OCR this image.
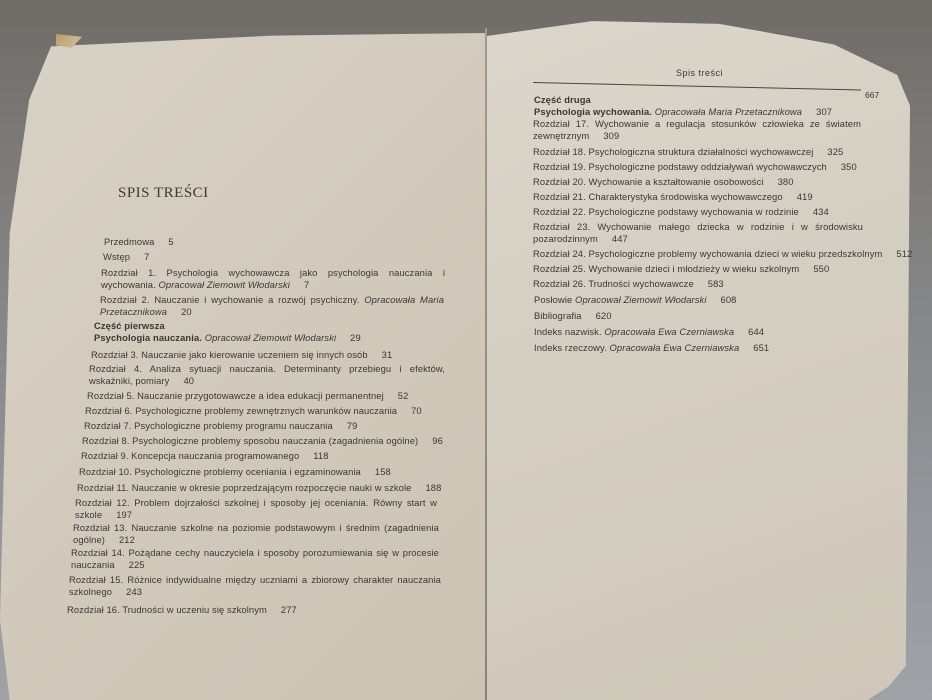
SPIS TREŚCI
Przedmowa 5
Wstęp 7
Rozdział 1. Psychologia wychowawcza jako psychologia nauczania i wychowania. Opracował Ziemowit Włodarski 7
Rozdział 2. Nauczanie i wychowanie a rozwój psychiczny. Opracowała Maria Przetacznikowa 20
Część pierwsza
Psychologia nauczania. Opracował Ziemowit Włodarski 29
Rozdział 3. Nauczanie jako kierowanie uczeniem się innych osób 31
Rozdział 4. Analiza sytuacji nauczania. Determinanty przebiegu i efektów, wskaźniki, pomiary 40
Rozdział 5. Nauczanie przygotowawcze a idea edukacji permanentnej 52
Rozdział 6. Psychologiczne problemy zewnętrznych warunków nauczania 70
Rozdział 7. Psychologiczne problemy programu nauczania 79
Rozdział 8. Psychologiczne problemy sposobu nauczania (zagadnienia ogólne) 96
Rozdział 9. Koncepcja nauczania programowanego 118
Rozdział 10. Psychologiczne problemy oceniania i egzaminowania 158
Rozdział 11. Nauczanie w okresie poprzedzającym rozpoczęcie nauki w szkole 188
Rozdział 12. Problem dojrzałości szkolnej i sposoby jej oceniania. Równy start w szkole 197
Rozdział 13. Nauczanie szkolne na poziomie podstawowym i średnim (zagadnienia ogólne) 212
Rozdział 14. Pożądane cechy nauczyciela i sposoby porozumiewania się w procesie nauczania 225
Rozdział 15. Różnice indywidualne między uczniami a zbiorowy charakter nauczania szkolnego 243
Rozdział 16. Trudności w uczeniu się szkolnym 277
Spis treści
667
Część druga
Psychologia wychowania. Opracowała Maria Przetacznikowa 307
Rozdział 17. Wychowanie a regulacja stosunków człowieka ze światem zewnętrznym 309
Rozdział 18. Psychologiczna struktura działalności wychowawczej 325
Rozdział 19. Psychologiczne podstawy oddziaływań wychowawczych 350
Rozdział 20. Wychowanie a kształtowanie osobowości 380
Rozdział 21. Charakterystyka środowiska wychowawczego 419
Rozdział 22. Psychologiczne podstawy wychowania w rodzinie 434
Rozdział 23. Wychowanie małego dziecka w rodzinie i w środowisku pozarodzinnym 447
Rozdział 24. Psychologiczne problemy wychowania dzieci w wieku przedszkolnym 512
Rozdział 25. Wychowanie dzieci i młodzieży w wieku szkolnym 550
Rozdział 26. Trudności wychowawcze 583
Posłowie Opracował Ziemowit Włodarski 608
Bibliografia 620
Indeks nazwisk. Opracowała Ewa Czerniawska 644
Indeks rzeczowy. Opracowała Ewa Czerniawska 651
